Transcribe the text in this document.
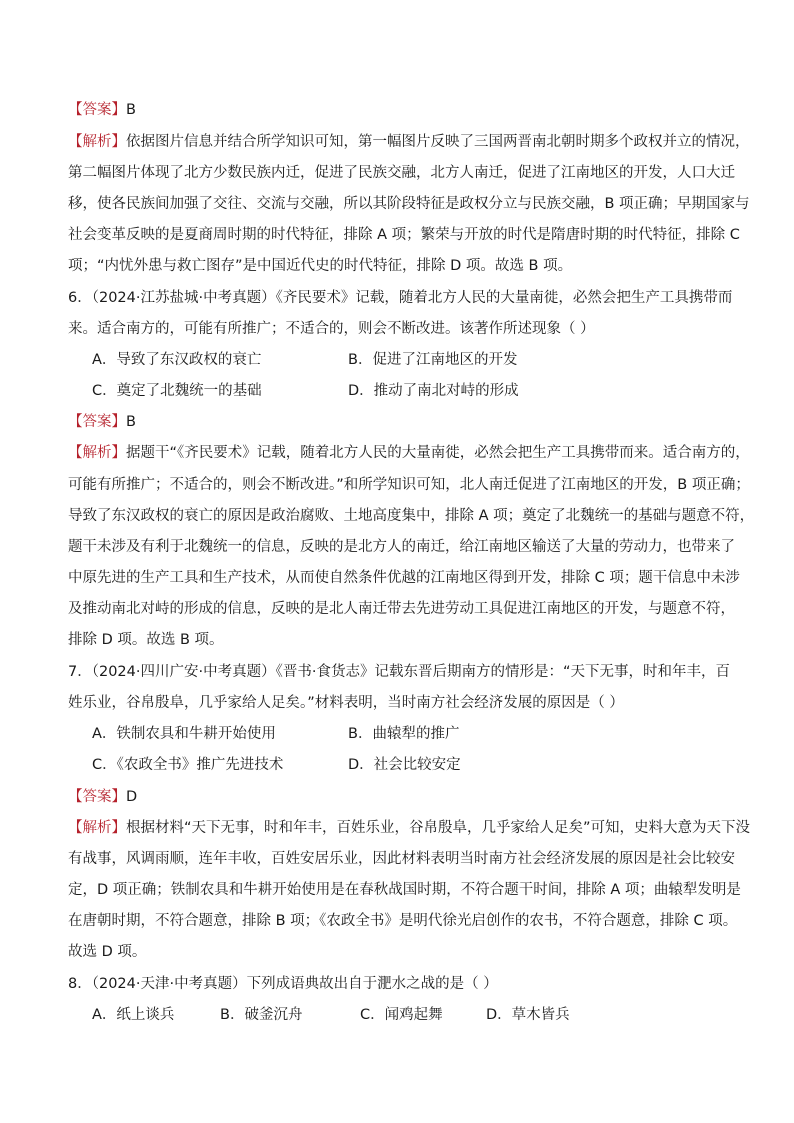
【答案】B
【解析】依据图片信息并结合所学知识可知，第一幅图片反映了三国两晋南北朝时期多个政权并立的情况，
第二幅图片体现了北方少数民族内迁，促进了民族交融，北方人南迁，促进了江南地区的开发，人口大迁
移，使各民族间加强了交往、交流与交融，所以其阶段特征是政权分立与民族交融，B 项正确；早期国家与
社会变革反映的是夏商周时期的时代特征，排除 A 项；繁荣与开放的时代是隋唐时期的时代特征，排除 C
项；“内忧外患与救亡图存”是中国近代史的时代特征，排除 D 项。故选 B 项。
6．（2024·江苏盐城·中考真题）《齐民要术》记载，随着北方人民的大量南徙，必然会把生产工具携带而
来。适合南方的，可能有所推广；不适合的，则会不断改进。该著作所述现象（ ）
A．导致了东汉政权的衰亡	B．促进了江南地区的开发
C．奠定了北魏统一的基础	D．推动了南北对峙的形成
【答案】B
【解析】据题干“《齐民要术》记载，随着北方人民的大量南徙，必然会把生产工具携带而来。适合南方的，
可能有所推广；不适合的，则会不断改进。”和所学知识可知，北人南迁促进了江南地区的开发，B 项正确；
导致了东汉政权的衰亡的原因是政治腐败、土地高度集中，排除 A 项；奠定了北魏统一的基础与题意不符，
题干未涉及有利于北魏统一的信息，反映的是北方人的南迁，给江南地区输送了大量的劳动力，也带来了
中原先进的生产工具和生产技术，从而使自然条件优越的江南地区得到开发，排除 C 项；题干信息中未涉
及推动南北对峙的形成的信息，反映的是北人南迁带去先进劳动工具促进江南地区的开发，与题意不符，
排除 D 项。故选 B 项。
7．（2024·四川广安·中考真题）《晋书·食货志》记载东晋后期南方的情形是：“天下无事，时和年丰，百
姓乐业，谷帛殷阜，几乎家给人足矣。”材料表明，当时南方社会经济发展的原因是（ ）
A．铁制农具和牛耕开始使用	B．曲辕犁的推广
C．《农政全书》推广先进技术	D．社会比较安定
【答案】D
【解析】根据材料“天下无事，时和年丰，百姓乐业，谷帛殷阜，几乎家给人足矣”可知，史料大意为天下没
有战事，风调雨顺，连年丰收，百姓安居乐业，因此材料表明当时南方社会经济发展的原因是社会比较安
定，D 项正确；铁制农具和牛耕开始使用是在春秋战国时期，不符合题干时间，排除 A 项；曲辕犁发明是
在唐朝时期，不符合题意，排除 B 项；《农政全书》是明代徐光启创作的农书，不符合题意，排除 C 项。
故选 D 项。
8．（2024·天津·中考真题）下列成语典故出自于淝水之战的是（ ）
A．纸上谈兵	B．破釜沉舟	C．闻鸡起舞	D．草木皆兵
